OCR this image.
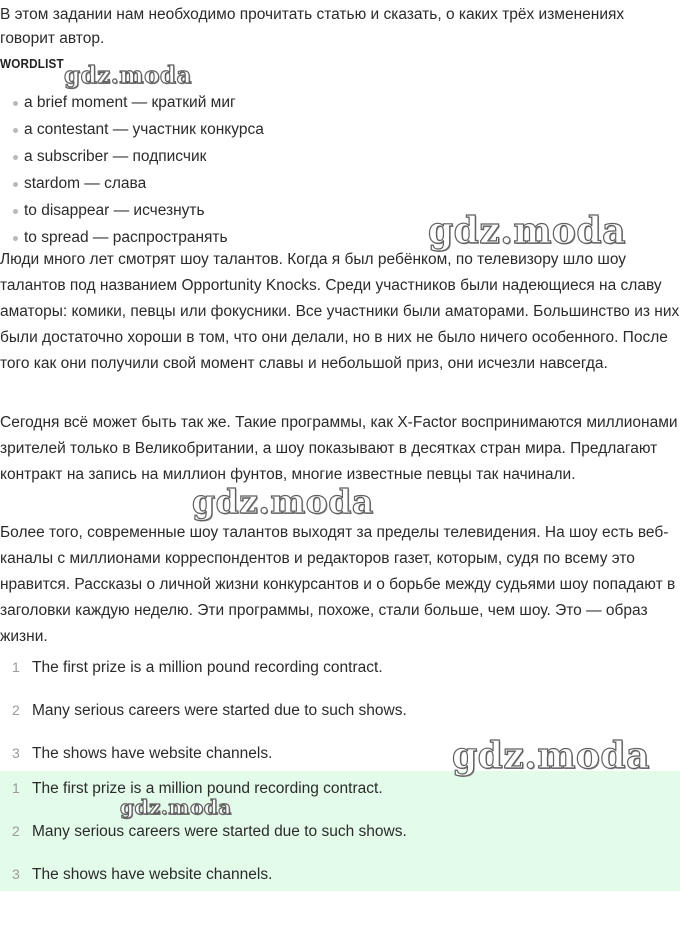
В этом задании нам необходимо прочитать статью и сказать, о каких трёх изменениях говорит автор.

WORDLIST
a brief moment — краткий миг
a contestant — участник конкурса
a subscriber — подписчик
stardom — слава
to disappear — исчезнуть
to spread — распространять

Люди много лет смотрят шоу талантов. Когда я был ребёнком, по телевизору шло шоу талантов под названием Opportunity Knocks. Среди участников были надеющиеся на славу аматоры: комики, певцы или фокусники. Все участники были аматорами. Большинство из них были достаточно хороши в том, что они делали, но в них не было ничего особенного. После того как они получили свой момент славы и небольшой приз, они исчезли навсегда.

Сегодня всё может быть так же. Такие программы, как X-Factor воспринимаются миллионами зрителей только в Великобритании, а шоу показывают в десятках стран мира. Предлагают контракт на запись на миллион фунтов, многие известные певцы так начинали.

Более того, современные шоу талантов выходят за пределы телевидения. На шоу есть веб-каналы с миллионами корреспондентов и редакторов газет, которым, судя по всему это нравится. Рассказы о личной жизни конкурсантов и о борьбе между судьями шоу попадают в заголовки каждую неделю. Эти программы, похоже, стали больше, чем шоу. Это — образ жизни.

1 The first prize is a million pound recording contract.
2 Many serious careers were started due to such shows.
3 The shows have website channels.
1 The first prize is a million pound recording contract.
2 Many serious careers were started due to such shows.
3 The shows have website channels.
gdz.moda
gdz.moda
gdz.moda
gdz.moda
gdz.moda
